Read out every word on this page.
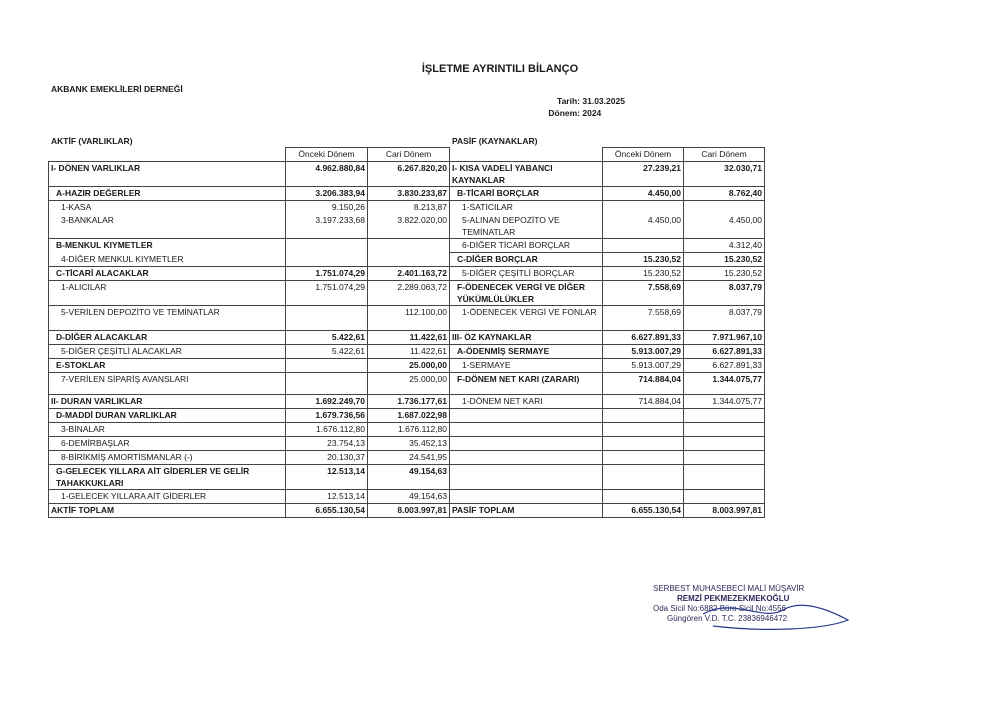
İŞLETME AYRINTILI BİLANÇO
AKBANK EMEKLİLERİ DERNEĞİ
Tarih: 31.03.2025
Dönem: 2024
AKTİF (VARLIKLAR)	PASİF (KAYNAKLAR)
	Önceki Dönem	Cari Dönem		Önceki Dönem	Cari Dönem
I- DÖNEN VARLIKLAR	4.962.880,84	6.267.820,20	I- KISA VADELİ YABANCI KAYNAKLAR	27.239,21	32.030,71
A-HAZIR DEĞERLER	3.206.383,94	3.830.233,87	B-TİCARİ BORÇLAR	4.450,00	8.762,40
1-KASA	9.150,26	8.213,87	1-SATICILAR		
3-BANKALAR	3.197.233,68	3.822.020,00	5-ALINAN DEPOZİTO VE TEMİNATLAR	4.450,00	4.450,00
B-MENKUL KIYMETLER			6-DİĞER TİCARİ BORÇLAR		4.312,40
4-DİĞER MENKUL KIYMETLER			C-DİĞER BORÇLAR	15.230,52	15.230,52
C-TİCARİ ALACAKLAR	1.751.074,29	2.401.163,72	5-DİĞER ÇEŞİTLİ BORÇLAR	15.230,52	15.230,52
1-ALICILAR	1.751.074,29	2.289.063,72	F-ÖDENECEK VERGİ VE DİĞER YÜKÜMLÜLÜKLER	7.558,69	8.037,79
5-VERİLEN DEPOZİTO VE TEMİNATLAR		112.100,00	1-ÖDENECEK VERGİ VE FONLAR	7.558,69	8.037,79
D-DİĞER ALACAKLAR	5.422,61	11.422,61	III- ÖZ KAYNAKLAR	6.627.891,33	7.971.967,10
5-DİĞER ÇEŞİTLİ ALACAKLAR	5.422,61	11.422,61	A-ÖDENMİŞ SERMAYE	5.913.007,29	6.627.891,33
E-STOKLAR		25.000,00	1-SERMAYE	5.913.007,29	6.627.891,33
7-VERİLEN SİPARİŞ AVANSLARI		25.000,00	F-DÖNEM NET KARI (ZARARI)	714.884,04	1.344.075,77

II- DURAN VARLIKLAR	1.692.249,70	1.736.177,61	1-DÖNEM NET KARI	714.884,04	1.344.075,77
D-MADDİ DURAN VARLIKLAR	1.679.736,56	1.687.022,98			
3-BİNALAR	1.676.112,80	1.676.112,80			
6-DEMİRBAŞLAR	23.754,13	35.452,13			
8-BİRİKMİŞ AMORTİSMANLAR (-)	20.130,37	24.541,95			
G-GELECEK YILLARA AİT GİDERLER VE GELİR TAHAKKUKLARI	12.513,14	49.154,63			
1-GELECEK YILLARA AİT GİDERLER	12.513,14	49.154,63			
AKTİF TOPLAM	6.655.130,54	8.003.997,81	PASİF TOPLAM	6.655.130,54	8.003.997,81
SERBEST MUHASEBECİ MALİ MÜŞAVİR
REMZİ PEKMEZEKMEKOĞLU
Oda Sicil No:6882 Büro Sicil No:4556
Güngören V.D. T.C. 23836946472
